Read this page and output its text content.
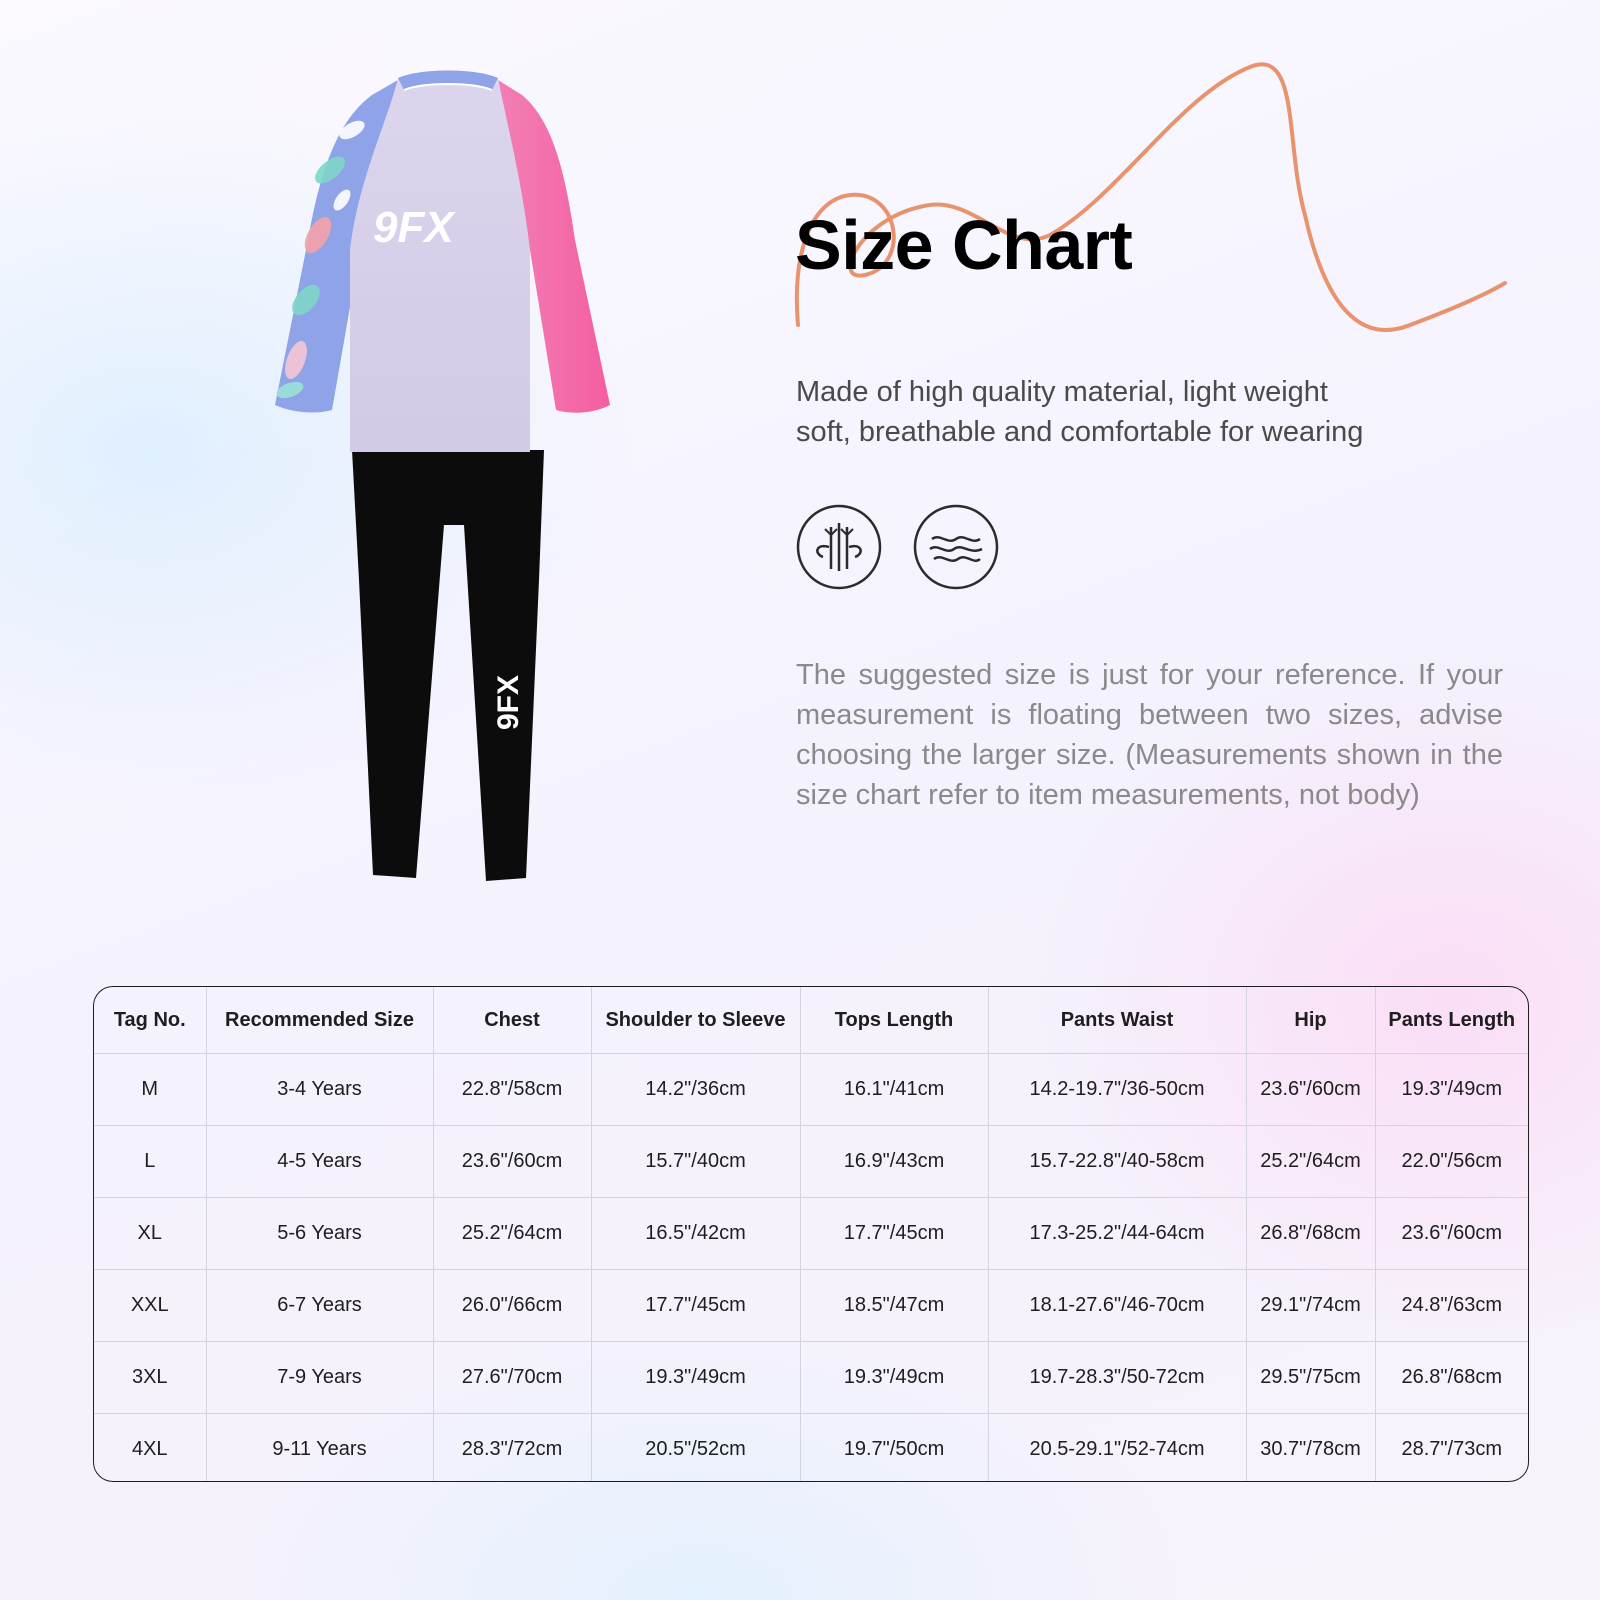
9FX
9FX	Size Chart
Made of high quality material, light weight
soft, breathable and comfortable for wearing
The suggested size is just for your reference. If your measurement is floating between two sizes, advise choosing the larger size. (Measurements shown in the size chart refer to item measurements, not body)
Tag No.	Recommended Size	Chest	Shoulder to Sleeve	Tops Length	Pants Waist	Hip	Pants Length
M	3-4 Years	22.8"/58cm	14.2"/36cm	16.1"/41cm	14.2-19.7"/36-50cm	23.6"/60cm	19.3"/49cm
L	4-5 Years	23.6"/60cm	15.7"/40cm	16.9"/43cm	15.7-22.8"/40-58cm	25.2"/64cm	22.0"/56cm
XL	5-6 Years	25.2"/64cm	16.5"/42cm	17.7"/45cm	17.3-25.2"/44-64cm	26.8"/68cm	23.6"/60cm
XXL	6-7 Years	26.0"/66cm	17.7"/45cm	18.5"/47cm	18.1-27.6"/46-70cm	29.1"/74cm	24.8"/63cm
3XL	7-9 Years	27.6"/70cm	19.3"/49cm	19.3"/49cm	19.7-28.3"/50-72cm	29.5"/75cm	26.8"/68cm
4XL	9-11 Years	28.3"/72cm	20.5"/52cm	19.7"/50cm	20.5-29.1"/52-74cm	30.7"/78cm	28.7"/73cm
